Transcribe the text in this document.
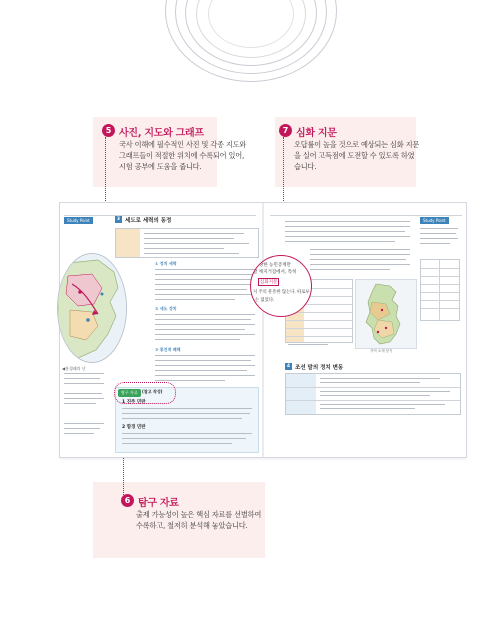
5 사진, 지도와 그래프
국사 이해에 필수적인 사진 및 각종 지도와
그래프들이 적절한 위치에 수록되어 있어,
시험 공부에 도움을 줍니다.
7 심화 지문
오답률이 높을 것으로 예상되는 심화 지문
을 실어 고득점에 도전할 수 있도록 하였
습니다.
6 탐구 자료
출제 가능성이 높은 핵심 자료를 선별하여
수록하고, 철저히 분석해 놓았습니다.
Study Point	3 세도로 세력의 동정
① 정치 세력
② 세도 정치
③ 봉건적 폐해
탐구 자료	(참고 작성)
1 진주 민란
2 함경 민란
Study Point
지역 소재 봉기
4 조선 말의 정치 변동
◀홍경래의 난
당한 농민층계만
잘 깨지거짐에서, 특히
심화지문
지 주의 흥흥한 않는다. 따로루
는 없었다.
